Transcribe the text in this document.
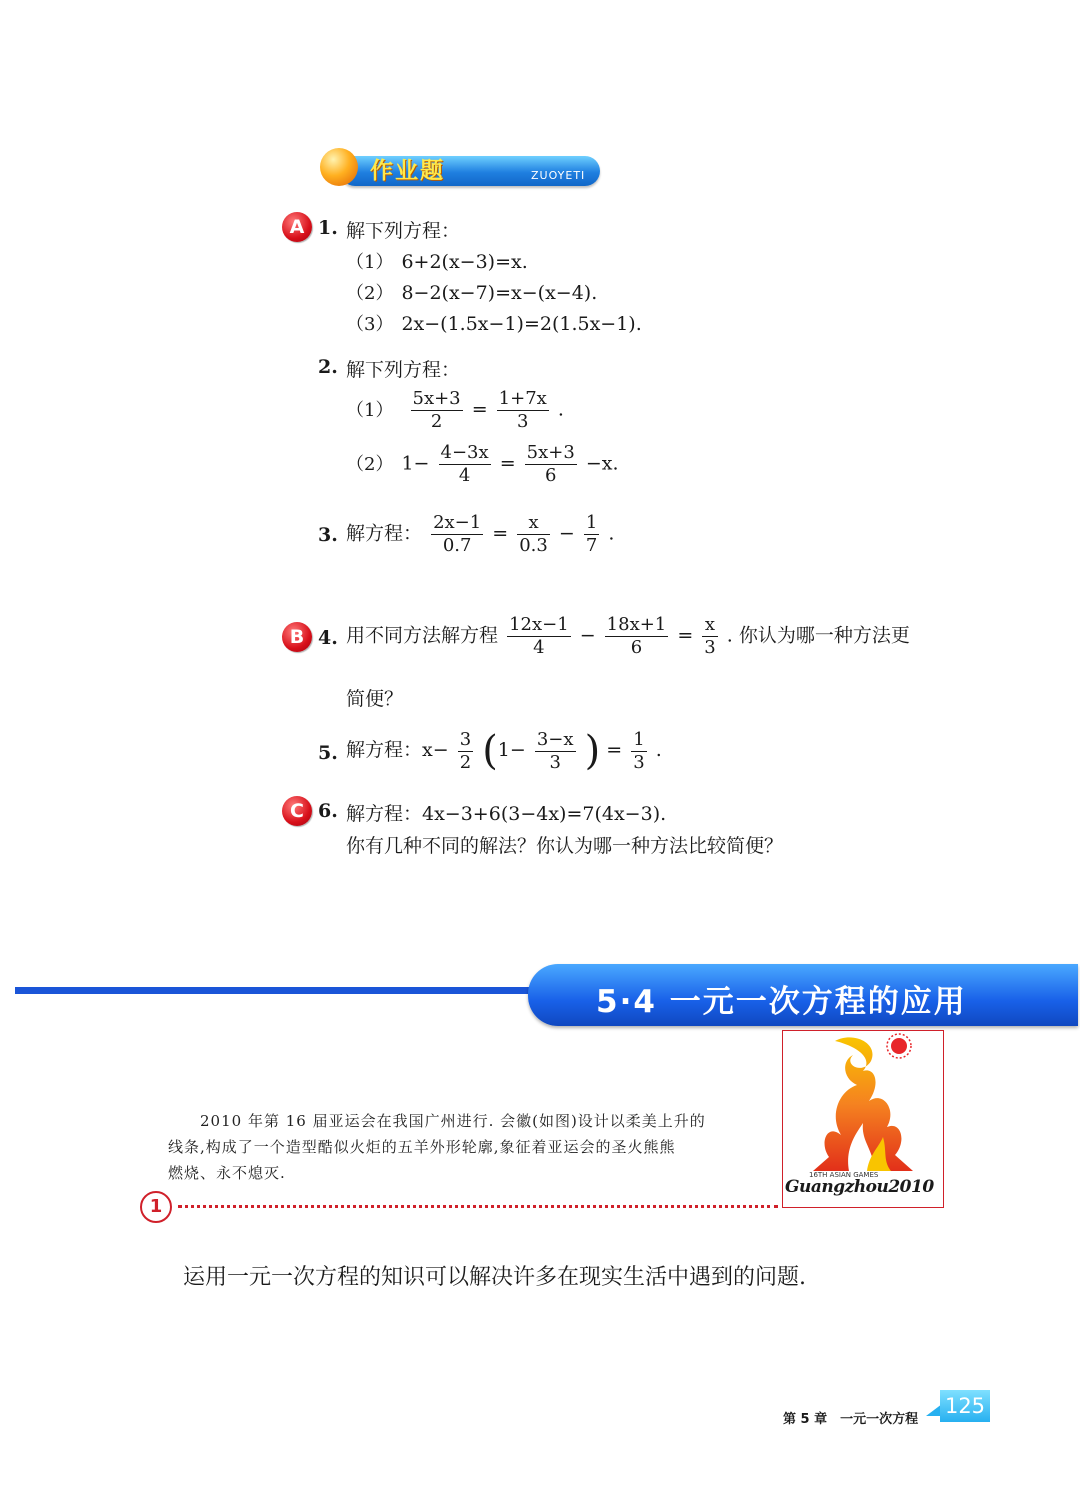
作业题	ZUOYETI
A 1. 解下列方程：
（1） 6+2(x−3)=x.
（2） 8−2(x−7)=x−(x−4).
（3） 2x−(1.5x−1)=2(1.5x−1).
2. 解下列方程：
$(1) \frac{5x+3}{2} = \frac{1+7x}{3}$ .
（2） $1- \frac{4-3x}{4} = \frac{5x+3}{6} -x$.
3. 解方程： $\frac{2x-1}{0.7} = \frac{x}{0.3} - \frac{1}{7}$ .
B 4. 用不同方法解方程 $\frac{12x-1}{4} - \frac{18x+1}{6} = \frac{x}{3}$ . 你认为哪一种方法更
简便？
5. 解方程：$x- \frac{3}{2} (1- \frac{3-x}{3}$ ) = $\frac{1}{3}$ .
C 6. 解方程：4x−3+6(3−4x)=7(4x−3).
你有几种不同的解法？你认为哪一种方法比较简便？
5·4 一元一次方程的应用
16TH ASIAN GAMES
Guangzhou2010
2010 年第 16 届亚运会在我国广州进行. 会徽(如图)设计以柔美上升的
线条,构成了一个造型酷似火炬的五羊外形轮廓,象征着亚运会的圣火熊熊
燃烧、永不熄灭.
1
运用一元一次方程的知识可以解决许多在现实生活中遇到的问题.
第 5 章　一元一次方程
125
